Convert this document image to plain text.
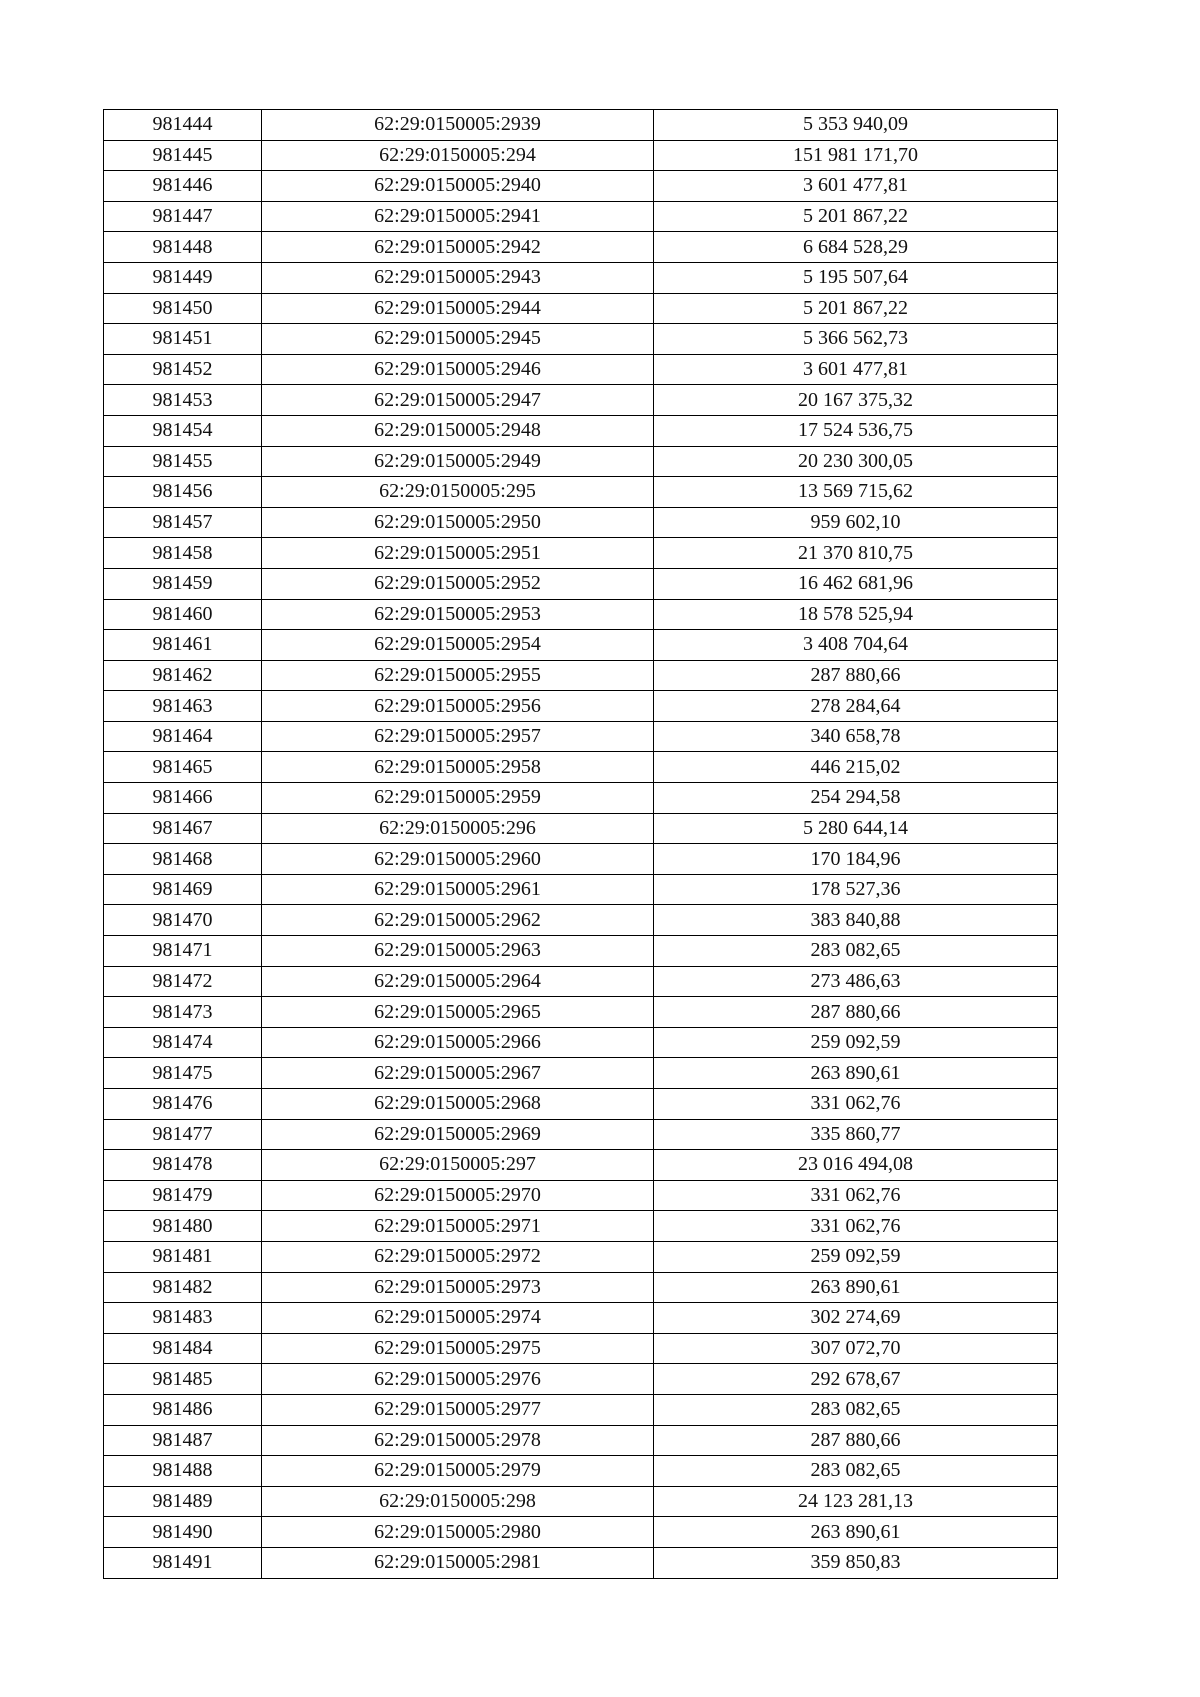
981444	62:29:0150005:2939	5 353 940,09
981445	62:29:0150005:294	151 981 171,70
981446	62:29:0150005:2940	3 601 477,81
981447	62:29:0150005:2941	5 201 867,22
981448	62:29:0150005:2942	6 684 528,29
981449	62:29:0150005:2943	5 195 507,64
981450	62:29:0150005:2944	5 201 867,22
981451	62:29:0150005:2945	5 366 562,73
981452	62:29:0150005:2946	3 601 477,81
981453	62:29:0150005:2947	20 167 375,32
981454	62:29:0150005:2948	17 524 536,75
981455	62:29:0150005:2949	20 230 300,05
981456	62:29:0150005:295	13 569 715,62
981457	62:29:0150005:2950	959 602,10
981458	62:29:0150005:2951	21 370 810,75
981459	62:29:0150005:2952	16 462 681,96
981460	62:29:0150005:2953	18 578 525,94
981461	62:29:0150005:2954	3 408 704,64
981462	62:29:0150005:2955	287 880,66
981463	62:29:0150005:2956	278 284,64
981464	62:29:0150005:2957	340 658,78
981465	62:29:0150005:2958	446 215,02
981466	62:29:0150005:2959	254 294,58
981467	62:29:0150005:296	5 280 644,14
981468	62:29:0150005:2960	170 184,96
981469	62:29:0150005:2961	178 527,36
981470	62:29:0150005:2962	383 840,88
981471	62:29:0150005:2963	283 082,65
981472	62:29:0150005:2964	273 486,63
981473	62:29:0150005:2965	287 880,66
981474	62:29:0150005:2966	259 092,59
981475	62:29:0150005:2967	263 890,61
981476	62:29:0150005:2968	331 062,76
981477	62:29:0150005:2969	335 860,77
981478	62:29:0150005:297	23 016 494,08
981479	62:29:0150005:2970	331 062,76
981480	62:29:0150005:2971	331 062,76
981481	62:29:0150005:2972	259 092,59
981482	62:29:0150005:2973	263 890,61
981483	62:29:0150005:2974	302 274,69
981484	62:29:0150005:2975	307 072,70
981485	62:29:0150005:2976	292 678,67
981486	62:29:0150005:2977	283 082,65
981487	62:29:0150005:2978	287 880,66
981488	62:29:0150005:2979	283 082,65
981489	62:29:0150005:298	24 123 281,13
981490	62:29:0150005:2980	263 890,61
981491	62:29:0150005:2981	359 850,83
